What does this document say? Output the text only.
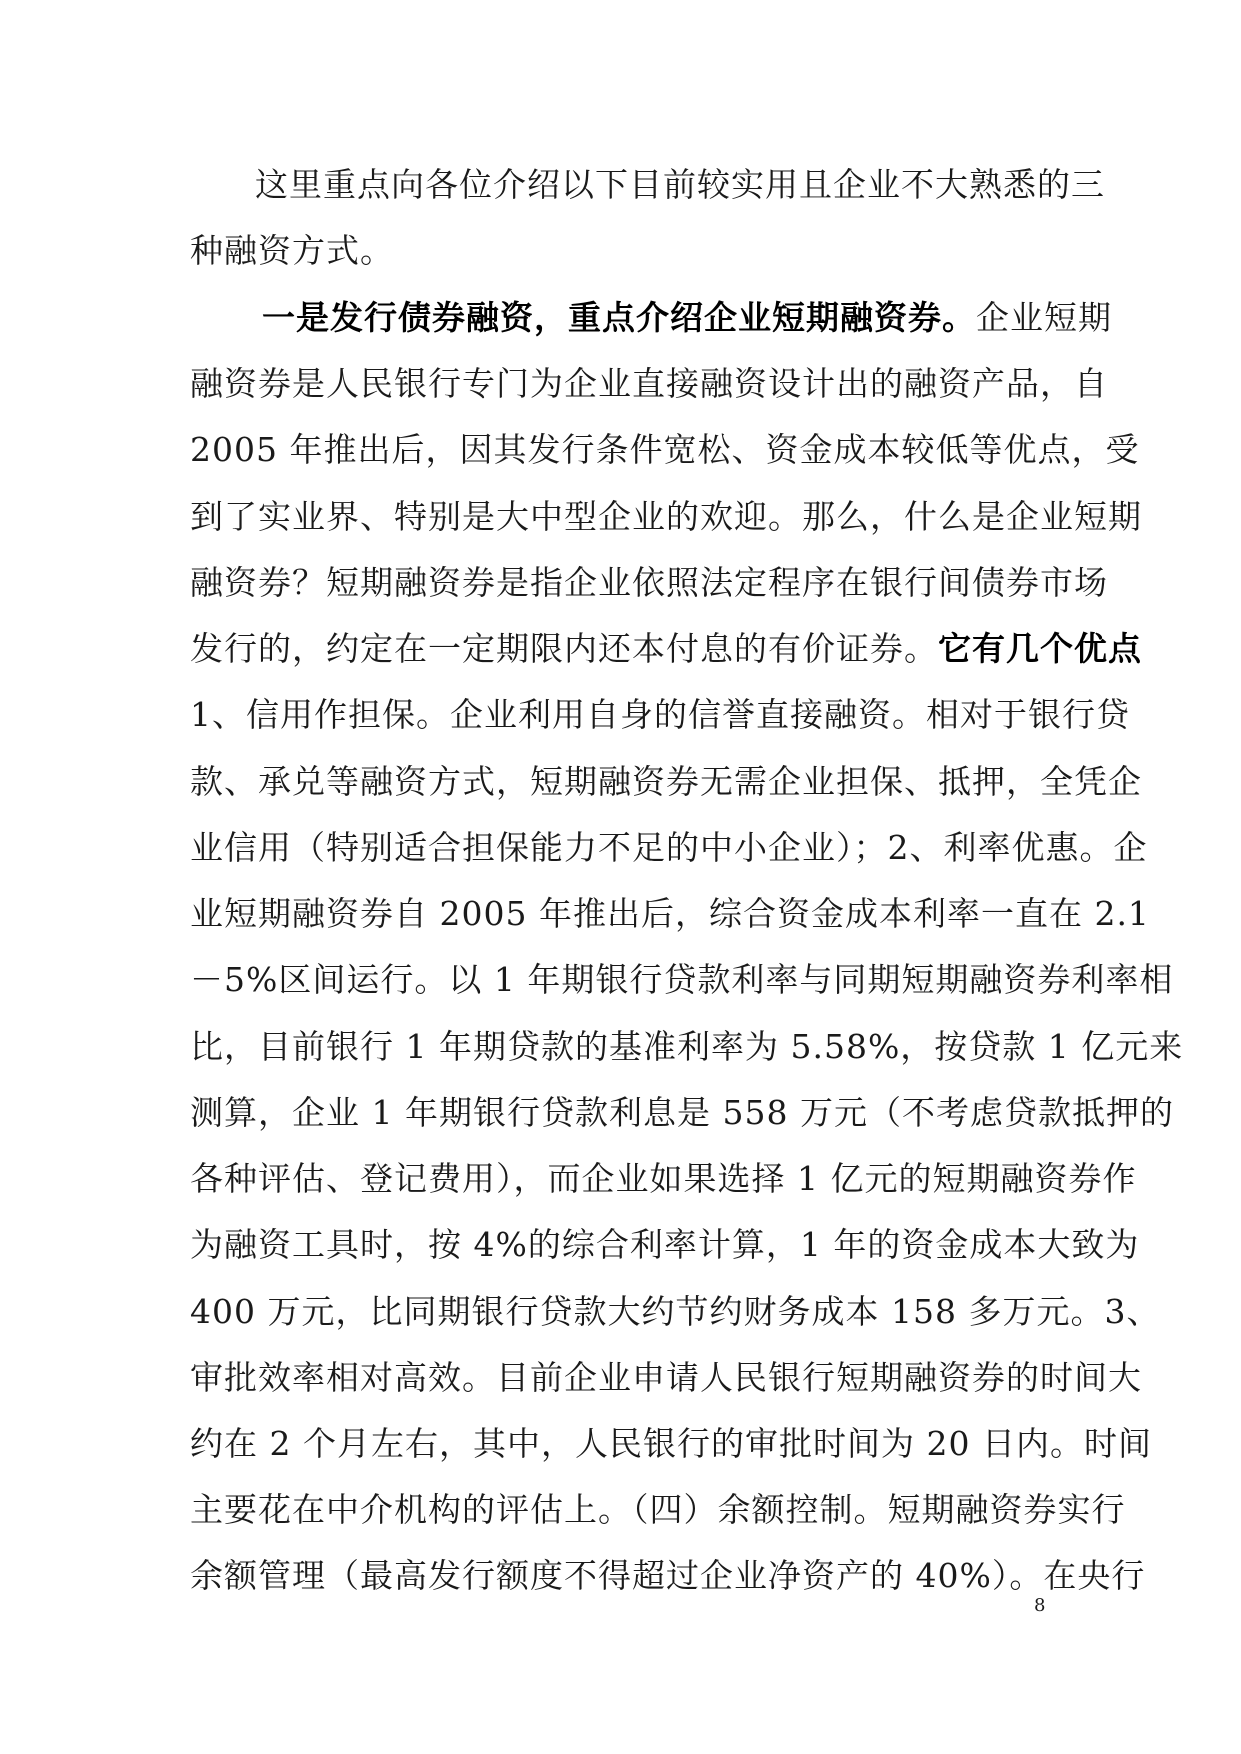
这里重点向各位介绍以下目前较实用且企业不大熟悉的三
种融资方式。
一是发行债券融资，重点介绍企业短期融资券。企业短期
融资券是人民银行专门为企业直接融资设计出的融资产品，自
2005 年推出后，因其发行条件宽松、资金成本较低等优点，受
到了实业界、特别是大中型企业的欢迎。那么，什么是企业短期
融资券？短期融资券是指企业依照法定程序在银行间债券市场
发行的，约定在一定期限内还本付息的有价证券。它有几个优点
1、信用作担保。企业利用自身的信誉直接融资。相对于银行贷
款、承兑等融资方式，短期融资券无需企业担保、抵押，全凭企
业信用（特别适合担保能力不足的中小企业）；2、利率优惠。企
业短期融资券自 2005 年推出后，综合资金成本利率一直在 2.1
－5%区间运行。以 1 年期银行贷款利率与同期短期融资券利率相
比，目前银行 1 年期贷款的基准利率为 5.58%，按贷款 1 亿元来
测算，企业 1 年期银行贷款利息是 558 万元（不考虑贷款抵押的
各种评估、登记费用），而企业如果选择 1 亿元的短期融资券作
为融资工具时，按 4%的综合利率计算，1 年的资金成本大致为
400 万元，比同期银行贷款大约节约财务成本 158 多万元。3、
审批效率相对高效。目前企业申请人民银行短期融资券的时间大
约在 2 个月左右，其中，人民银行的审批时间为 20 日内。时间
主要花在中介机构的评估上。（四）余额控制。短期融资券实行
余额管理（最高发行额度不得超过企业净资产的 40%）。在央行
8
